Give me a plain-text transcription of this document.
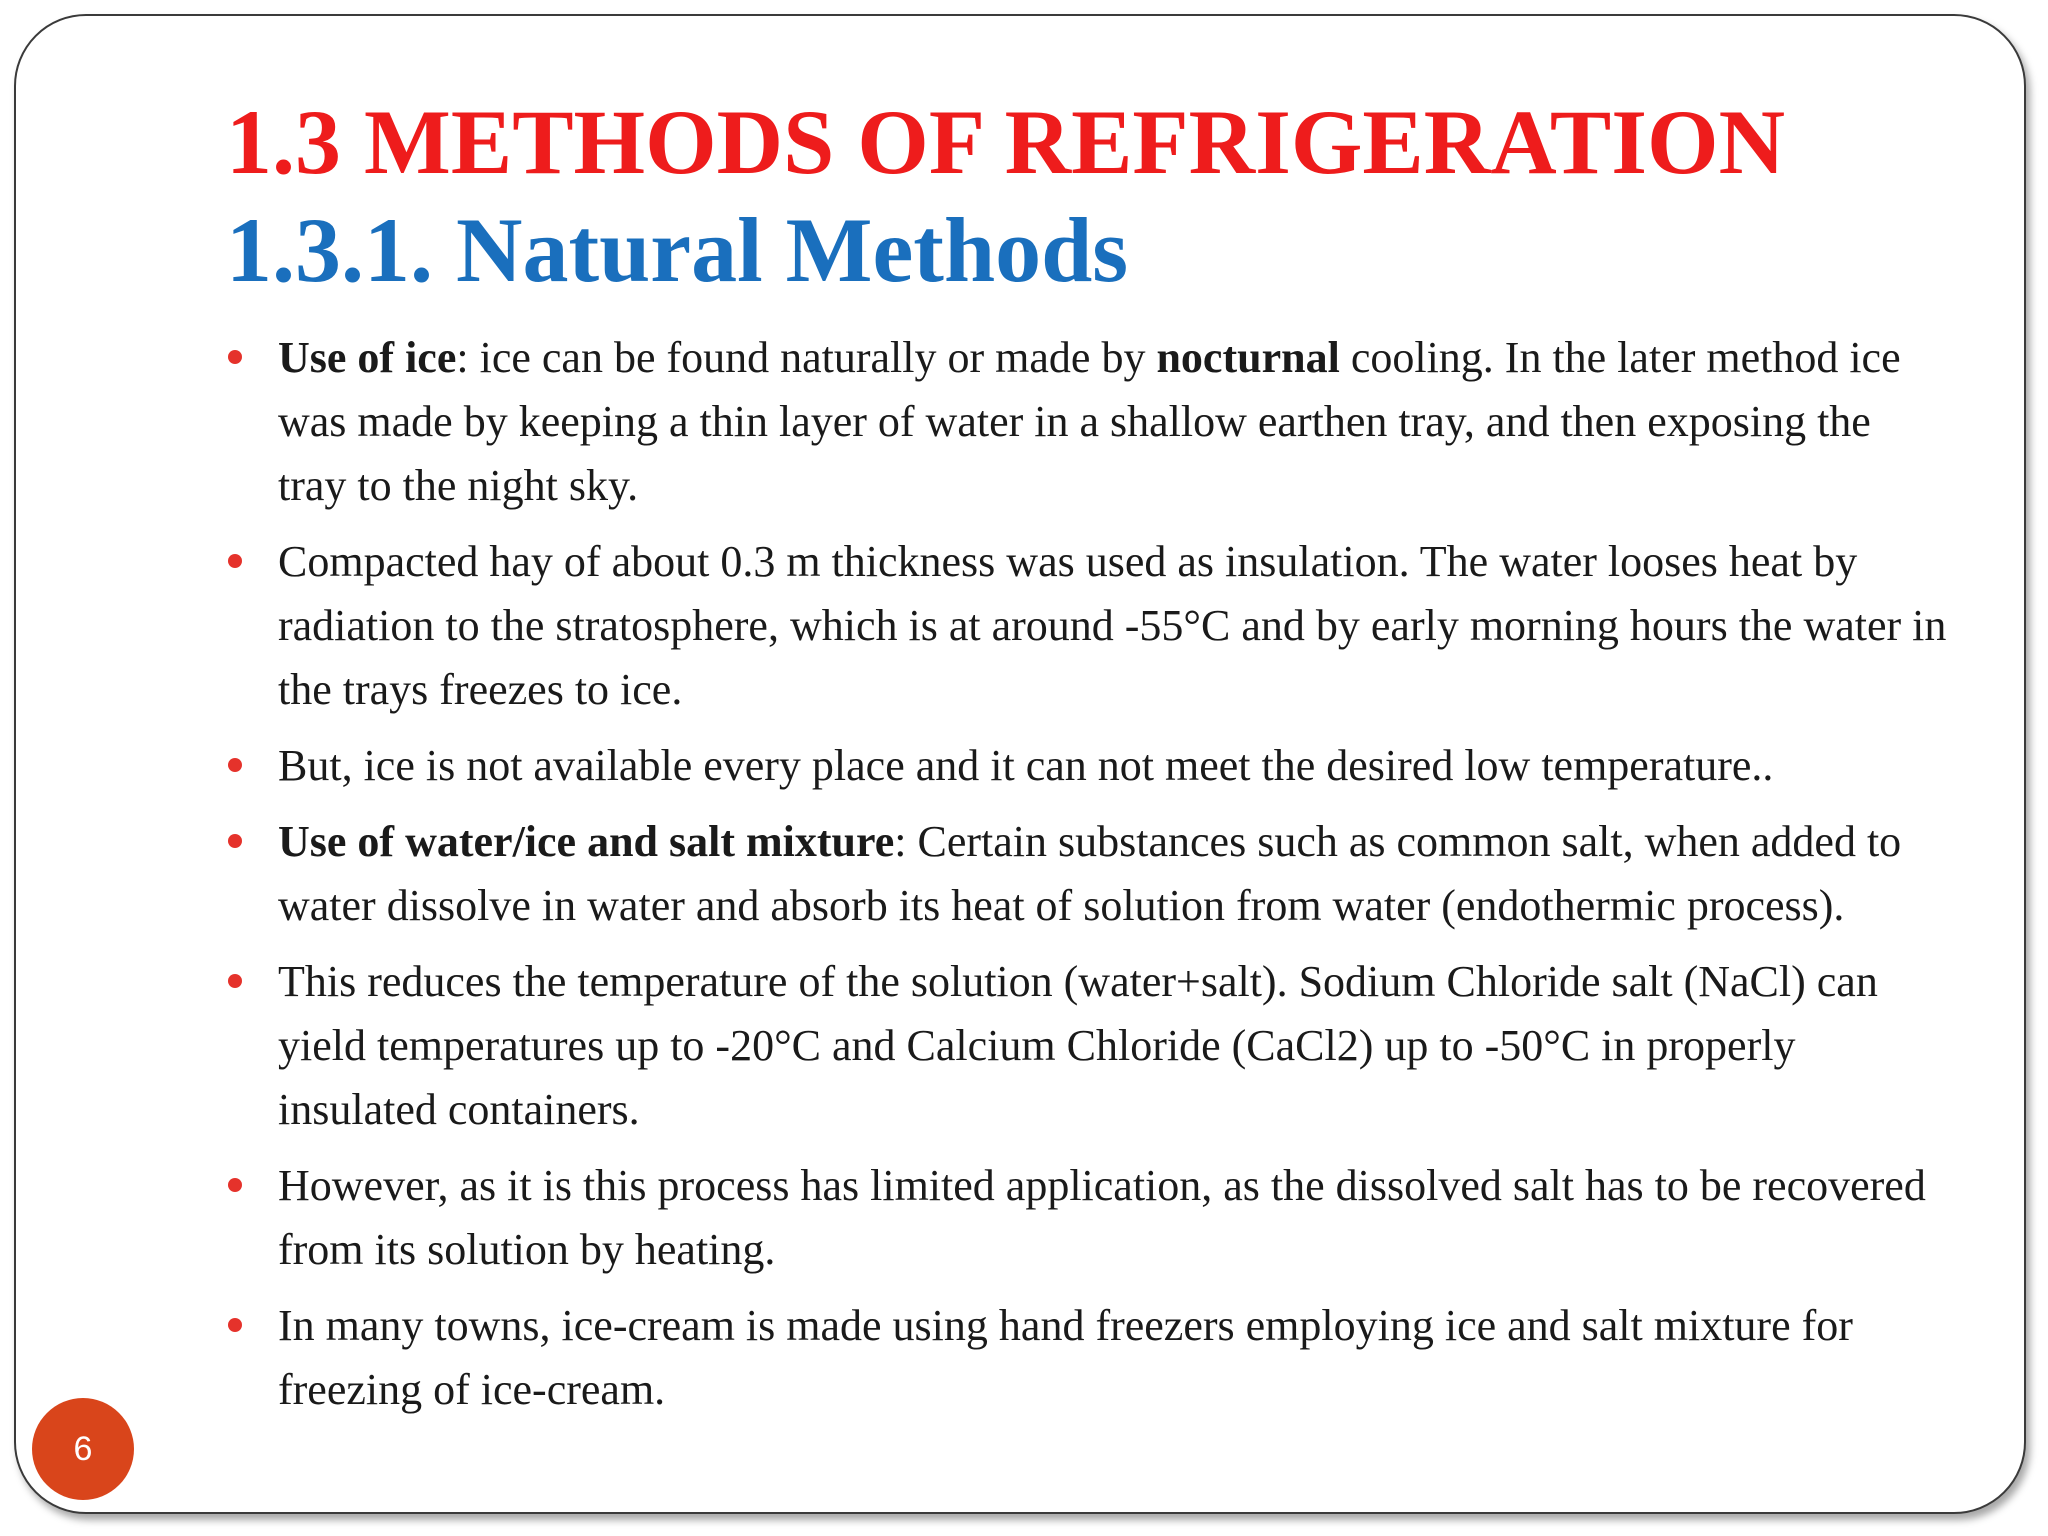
1.3 METHODS OF REFRIGERATION
1.3.1. Natural Methods
Use of ice: ice can be found naturally or made by nocturnal cooling. In the later method ice was made by keeping a thin layer of water in a shallow earthen tray, and then exposing the tray to the night sky.
Compacted hay of about 0.3 m thickness was used as insulation. The water looses heat by radiation to the stratosphere, which is at around -55°C and by early morning hours the water in the trays freezes to ice.
But, ice is not available every place and it can not meet the desired low temperature..
Use of water/ice and salt mixture: Certain substances such as common salt, when added to water dissolve in water and absorb its heat of solution from water (endothermic process).
This reduces the temperature of the solution (water+salt). Sodium Chloride salt (NaCl) can yield temperatures up to -20°C and Calcium Chloride (CaCl2) up to -50°C in properly insulated containers.
However, as it is this process has limited application, as the dissolved salt has to be recovered from its solution by heating.
In many towns, ice-cream is made using hand freezers employing ice and salt mixture for freezing of ice-cream.
6
